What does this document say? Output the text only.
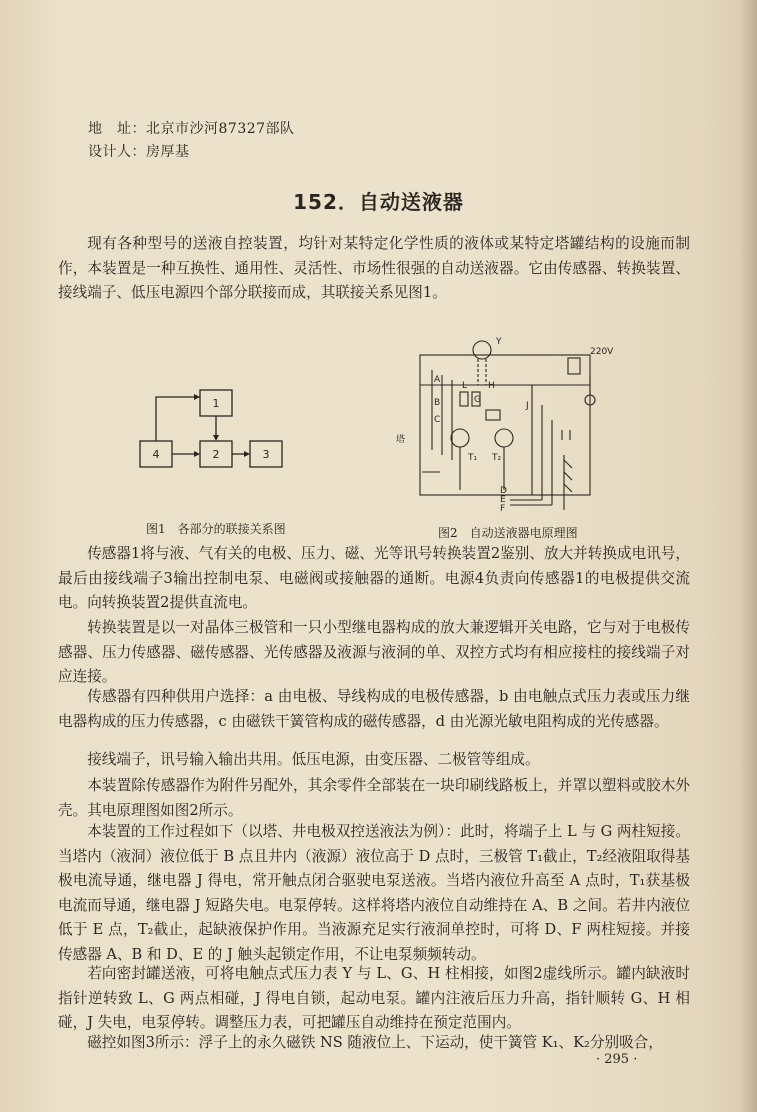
地　址：北京市沙河87327部队
设计人：房厚基
152．自动送液器

现有各种型号的送液自控装置，均针对某特定化学性质的液体或某特定塔罐结构的设施而制作，本装置是一种互换性、通用性、灵活性、市场性很强的自动送液器。它由传感器、转换装置、接线端子、低压电源四个部分联接而成，其联接关系见图1。

1
2	3
4
图1　各部分的联接关系图
220V
Y
塔
A
B
C
L
G
H
J
T₁ T₂
D
E
F
图2　自动送液器电原理图

传感器1将与液、气有关的电极、压力、磁、光等讯号转换装置2鉴别、放大并转换成电讯号，最后由接线端子3输出控制电泵、电磁阀或接触器的通断。电源4负责向传感器1的电极提供交流电。向转换装置2提供直流电。

转换装置是以一对晶体三极管和一只小型继电器构成的放大兼逻辑开关电路，它与对于电极传感器、压力传感器、磁传感器、光传感器及液源与液洞的单、双控方式均有相应接柱的接线端子对应连接。

传感器有四种供用户选择：a 由电极、导线构成的电极传感器，b 由电触点式压力表或压力继电器构成的压力传感器，c 由磁铁干簧管构成的磁传感器，d 由光源光敏电阻构成的光传感器。

接线端子，讯号输入输出共用。低压电源，由变压器、二极管等组成。

本装置除传感器作为附件另配外，其余零件全部装在一块印刷线路板上，并罩以塑料或胶木外壳。其电原理图如图2所示。

本装置的工作过程如下（以塔、井电极双控送液法为例）：此时，将端子上 L 与 G 两柱短接。当塔内（液洞）液位低于 B 点且井内（液源）液位高于 D 点时，三极管 T₁截止，T₂经液阻取得基极电流导通，继电器 J 得电，常开触点闭合驱驶电泵送液。当塔内液位升高至 A 点时，T₁获基极电流而导通，继电器 J 短路失电。电泵停转。这样将塔内液位自动维持在 A、B 之间。若井内液位低于 E 点，T₂截止，起缺液保护作用。当液源充足实行液洞单控时，可将 D、F 两柱短接。并接传感器 A、B 和 D、E 的 J 触头起锁定作用，不让电泵频频转动。

若向密封罐送液，可将电触点式压力表 Y 与 L、G、H 柱相接，如图2虚线所示。罐内缺液时指针逆转致 L、G 两点相碰，J 得电自锁，起动电泵。罐内注液后压力升高，指针顺转 G、H 相碰，J 失电，电泵停转。调整压力表，可把罐压自动维持在预定范围内。

磁控如图3所示：浮子上的永久磁铁 NS 随液位上、下运动，使干簧管 K₁、K₂分别吸合，

· 295 ·
